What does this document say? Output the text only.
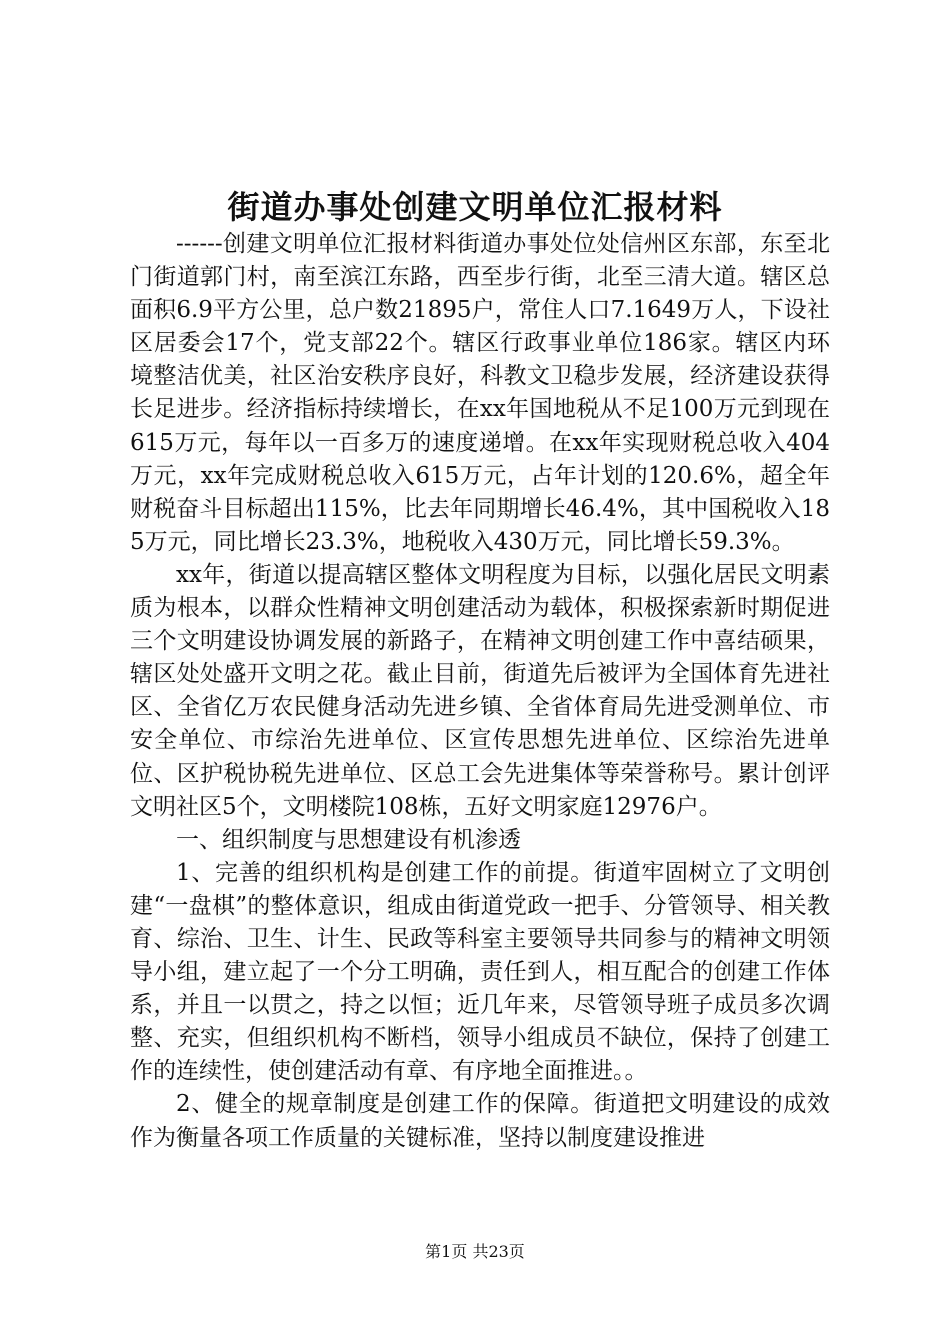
街道办事处创建文明单位汇报材料

------创建文明单位汇报材料街道办事处位处信州区东部，东至北门街道郭门村，南至滨江东路，西至步行街，北至三清大道。辖区总面积6.9平方公里，总户数21895户，常住人口7.1649万人，下设社区居委会17个，党支部22个。辖区行政事业单位186家。辖区内环境整洁优美，社区治安秩序良好，科教文卫稳步发展，经济建设获得长足进步。经济指标持续增长，在xx年国地税从不足100万元到现在615万元，每年以一百多万的速度递增。在xx年实现财税总收入404万元，xx年完成财税总收入615万元，占年计划的120.6%，超全年财税奋斗目标超出115%，比去年同期增长46.4%，其中国税收入185万元，同比增长23.3%，地税收入430万元，同比增长59.3%。

xx年，街道以提高辖区整体文明程度为目标，以强化居民文明素质为根本，以群众性精神文明创建活动为载体，积极探索新时期促进三个文明建设协调发展的新路子，在精神文明创建工作中喜结硕果，辖区处处盛开文明之花。截止目前，街道先后被评为全国体育先进社区、全省亿万农民健身活动先进乡镇、全省体育局先进受测单位、市安全单位、市综治先进单位、区宣传思想先进单位、区综治先进单位、区护税协税先进单位、区总工会先进集体等荣誉称号。累计创评文明社区5个，文明楼院108栋，五好文明家庭12976户。

一、组织制度与思想建设有机渗透

1、完善的组织机构是创建工作的前提。街道牢固树立了文明创建“一盘棋”的整体意识，组成由街道党政一把手、分管领导、相关教育、综治、卫生、计生、民政等科室主要领导共同参与的精神文明领导小组，建立起了一个分工明确，责任到人，相互配合的创建工作体系，并且一以贯之，持之以恒；近几年来，尽管领导班子成员多次调整、充实，但组织机构不断档，领导小组成员不缺位，保持了创建工作的连续性，使创建活动有章、有序地全面推进。。

2、健全的规章制度是创建工作的保障。街道把文明建设的成效作为衡量各项工作质量的关键标准，坚持以制度建设推进

第1页 共23页
